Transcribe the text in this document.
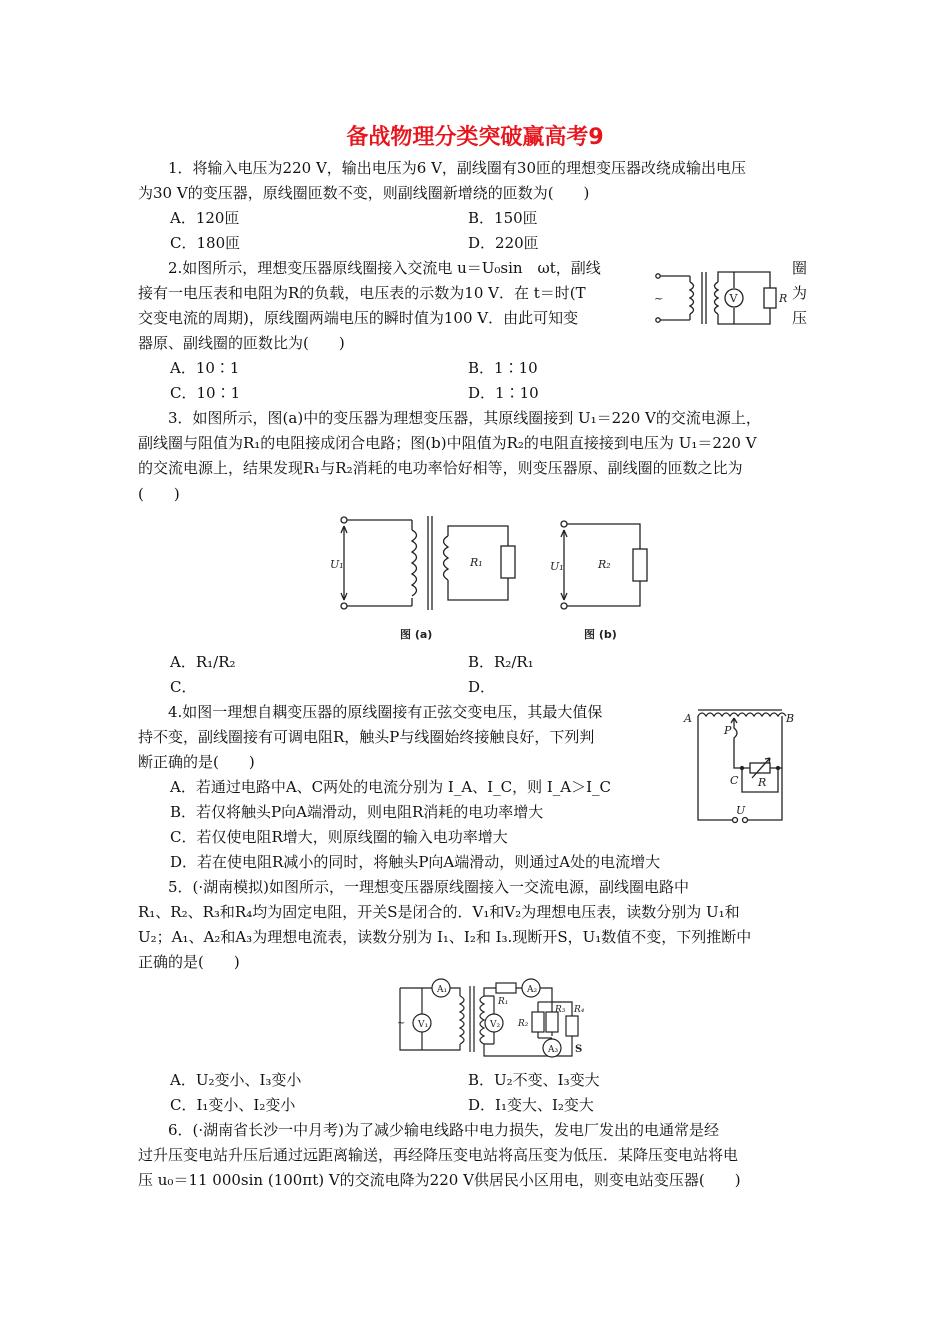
备战物理分类突破赢高考9
1．将输入电压为220 V，输出电压为6 V，副线圈有30匝的理想变压器改绕成输出电压
为30 V的变压器，原线圈匝数不变，则副线圈新增绕的匝数为(　　)
A．120匝	B．150匝
C．180匝	D．220匝
2.如图所示，理想变压器原线圈接入交流电 u＝U₀sin　ωt，副线
接有一电压表和电阻为R的负载，电压表的示数为10 V．在 t＝时(T
交变电流的周期)，原线圈两端电压的瞬时值为100 V．由此可知变
器原、副线圈的匝数比为(　　)
圈
为
压
A．10∶1	B．1∶10
C．10∶1	D．1∶10
~	V	R
3．如图所示，图(a)中的变压器为理想变压器，其原线圈接到 U₁＝220 V的交流电源上，
副线圈与阻值为R₁的电阻接成闭合电路；图(b)中阻值为R₂的电阻直接接到电压为 U₁＝220 V
的交流电源上，结果发现R₁与R₂消耗的电功率恰好相等，则变压器原、副线圈的匝数之比为
(　　)
U₁	R₁	U₁	R₂
图 (a)	图 (b)
A．R₁/R₂	B．R₂/R₁
C．	D．
4.如图一理想自耦变压器的原线圈接有正弦交变电压，其最大值保
持不变，副线圈接有可调电阻R，触头P与线圈始终接触良好，下列判
断正确的是(　　)
A．若通过电路中A、C两处的电流分别为 I_A、I_C，则 I_A＞I_C
B．若仅将触头P向A端滑动，则电阻R消耗的电功率增大
C．若仅使电阻R增大，则原线圈的输入电功率增大
D．若在使电阻R减小的同时，将触头P向A端滑动，则通过A处的电流增大
A	B
P
C R
U
5．(·湖南模拟)如图所示，一理想变压器原线圈接入一交流电源，副线圈电路中
R₁、R₂、R₃和R₄均为固定电阻，开关S是闭合的．V₁和V₂为理想电压表，读数分别为 U₁和
U₂；A₁、A₂和A₃为理想电流表，读数分别为 I₁、I₂和 I₃.现断开S，U₁数值不变，下列推断中
正确的是(　　)
A₁
V₁	V₂
A₂
A₃
R₁
R₂
R₃ R₄
S
~
A．U₂变小、I₃变小	B．U₂不变、I₃变大
C．I₁变小、I₂变小	D．I₁变大、I₂变大
6．(·湖南省长沙一中月考)为了减少输电线路中电力损失，发电厂发出的电通常是经
过升压变电站升压后通过远距离输送，再经降压变电站将高压变为低压．某降压变电站将电
压 u₀＝11 000sin (100πt) V的交流电降为220 V供居民小区用电，则变电站变压器(　　)
